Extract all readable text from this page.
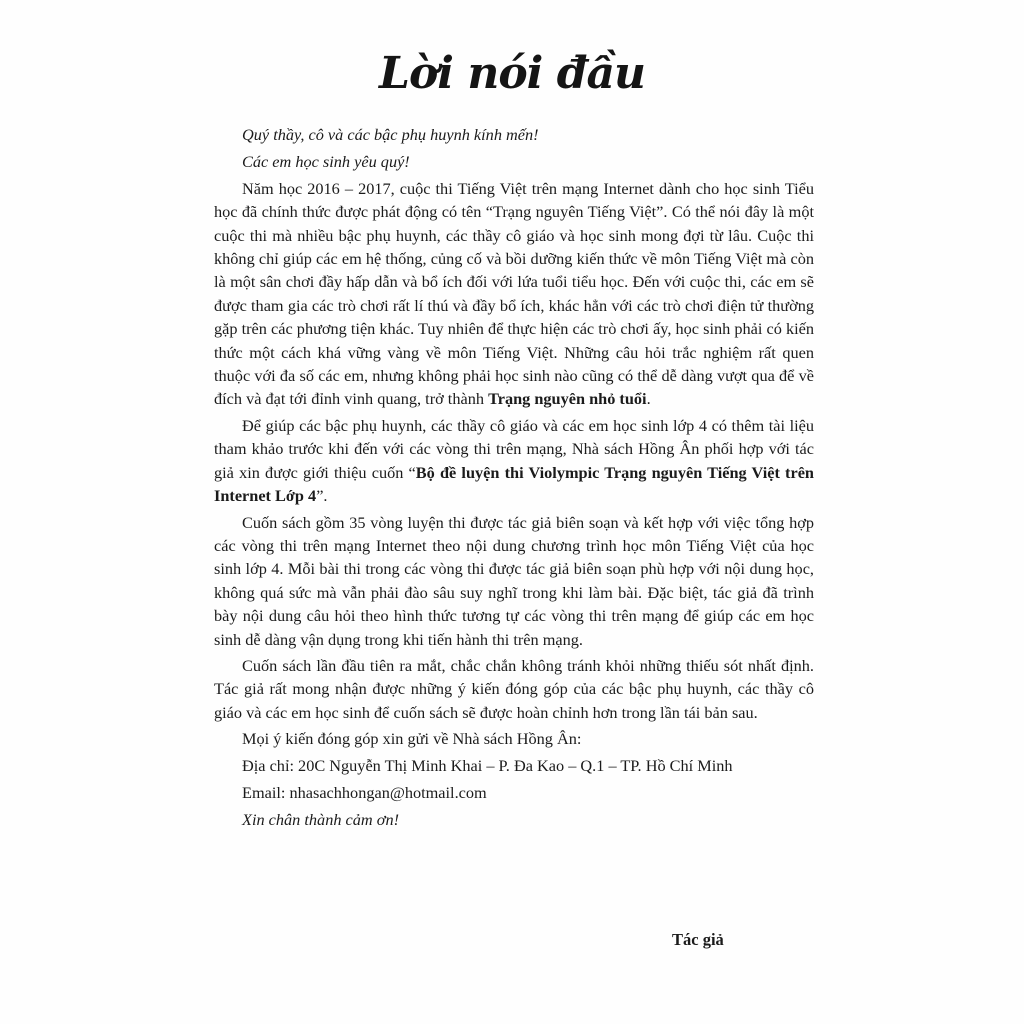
Lời nói đầu

Quý thầy, cô và các bậc phụ huynh kính mến!

Các em học sinh yêu quý!

Năm học 2016 – 2017, cuộc thi Tiếng Việt trên mạng Internet dành cho học sinh Tiểu học đã chính thức được phát động có tên “Trạng nguyên Tiếng Việt”. Có thể nói đây là một cuộc thi mà nhiều bậc phụ huynh, các thầy cô giáo và học sinh mong đợi từ lâu. Cuộc thi không chỉ giúp các em hệ thống, củng cố và bồi dưỡng kiến thức về môn Tiếng Việt mà còn là một sân chơi đầy hấp dẫn và bổ ích đối với lứa tuổi tiểu học. Đến với cuộc thi, các em sẽ được tham gia các trò chơi rất lí thú và đầy bổ ích, khác hẳn với các trò chơi điện tử thường gặp trên các phương tiện khác. Tuy nhiên để thực hiện các trò chơi ấy, học sinh phải có kiến thức một cách khá vững vàng về môn Tiếng Việt. Những câu hỏi trắc nghiệm rất quen thuộc với đa số các em, nhưng không phải học sinh nào cũng có thể dễ dàng vượt qua để về đích và đạt tới đỉnh vinh quang, trở thành Trạng nguyên nhỏ tuổi.

Để giúp các bậc phụ huynh, các thầy cô giáo và các em học sinh lớp 4 có thêm tài liệu tham khảo trước khi đến với các vòng thi trên mạng, Nhà sách Hồng Ân phối hợp với tác giả xin được giới thiệu cuốn “Bộ đề luyện thi Violympic Trạng nguyên Tiếng Việt trên Internet Lớp 4”.

Cuốn sách gồm 35 vòng luyện thi được tác giả biên soạn và kết hợp với việc tổng hợp các vòng thi trên mạng Internet theo nội dung chương trình học môn Tiếng Việt của học sinh lớp 4. Mỗi bài thi trong các vòng thi được tác giả biên soạn phù hợp với nội dung học, không quá sức mà vẫn phải đào sâu suy nghĩ trong khi làm bài. Đặc biệt, tác giả đã trình bày nội dung câu hỏi theo hình thức tương tự các vòng thi trên mạng để giúp các em học sinh dễ dàng vận dụng trong khi tiến hành thi trên mạng.

Cuốn sách lần đầu tiên ra mắt, chắc chắn không tránh khỏi những thiếu sót nhất định. Tác giả rất mong nhận được những ý kiến đóng góp của các bậc phụ huynh, các thầy cô giáo và các em học sinh để cuốn sách sẽ được hoàn chỉnh hơn trong lần tái bản sau.

Mọi ý kiến đóng góp xin gửi về Nhà sách Hồng Ân:

Địa chỉ: 20C Nguyễn Thị Minh Khai – P. Đa Kao – Q.1 – TP. Hồ Chí Minh

Email: nhasachhongan@hotmail.com

Xin chân thành cảm ơn!

Tác giả
